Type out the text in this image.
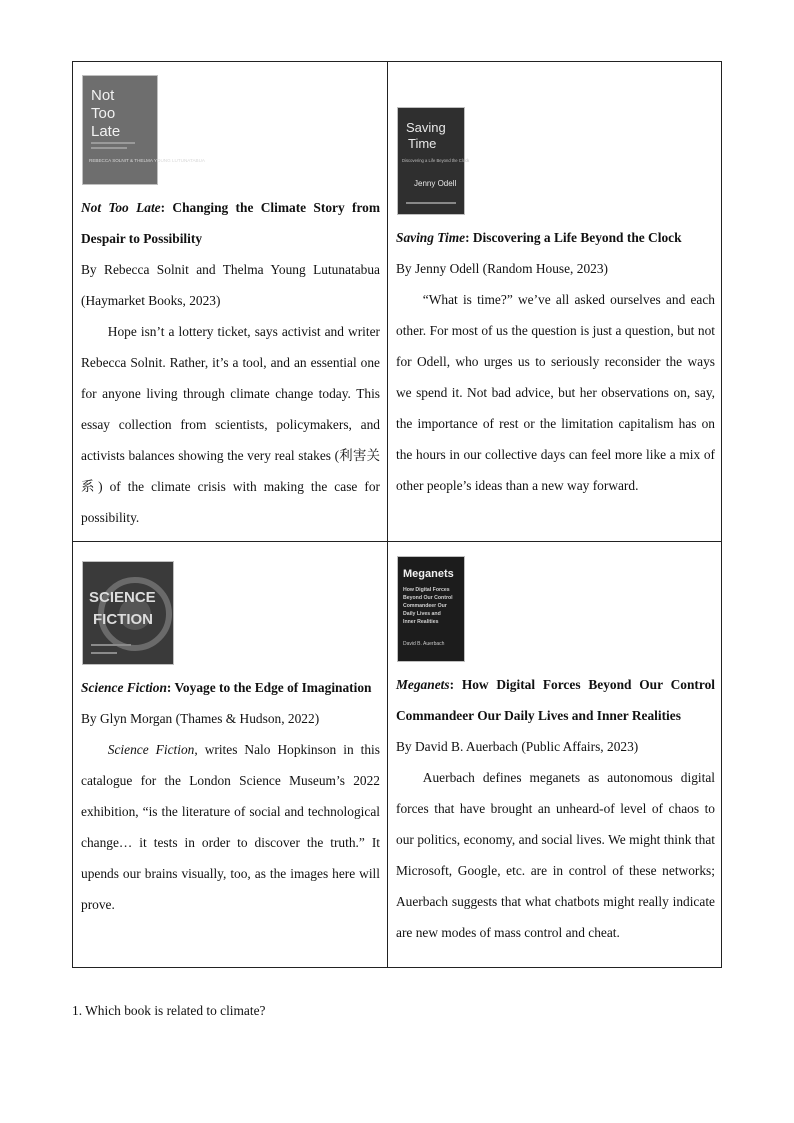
Not
Too
Late
REBECCA SOLNIT & THELMA YOUNG LUTUNATABUA
Not Too Late: Changing the Climate Story from Despair to Possibility
By Rebecca Solnit and Thelma Young Lutunatabua (Haymarket Books, 2023)
Hope isn’t a lottery ticket, says activist and writer Rebecca Solnit. Rather, it’s a tool, and an essential one for anyone living through climate change today. This essay collection from scientists, policymakers, and activists balances showing the very real stakes (利害关系) of the climate crisis with making the case for possibility.
Saving
Time
Discovering a Life Beyond the Clock
Jenny Odell
Saving Time: Discovering a Life Beyond the Clock
By Jenny Odell (Random House, 2023)
“What is time?” we’ve all asked ourselves and each other. For most of us the question is just a question, but not for Odell, who urges us to seriously reconsider the ways we spend it. Not bad advice, but her observations on, say, the importance of rest or the limitation capitalism has on the hours in our collective days can feel more like a mix of other people’s ideas than a new way forward.
SCIENCE
FICTION
Science Fiction: Voyage to the Edge of Imagination
By Glyn Morgan (Thames & Hudson, 2022)
Science Fiction, writes Nalo Hopkinson in this catalogue for the London Science Museum’s 2022 exhibition, “is the literature of social and technological change… it tests in order to discover the truth.” It upends our brains visually, too, as the images here will prove.
Meganets
How Digital Forces
Beyond Our Control
Commandeer Our
Daily Lives and
Inner Realities
David B. Auerbach
Meganets: How Digital Forces Beyond Our Control Commandeer Our Daily Lives and Inner Realities
By David B. Auerbach (Public Affairs, 2023)
Auerbach defines meganets as autonomous digital forces that have brought an unheard-of level of chaos to our politics, economy, and social lives. We might think that Microsoft, Google, etc. are in control of these networks; Auerbach suggests that what chatbots might really indicate are new modes of mass control and cheat.
1. Which book is related to climate?
